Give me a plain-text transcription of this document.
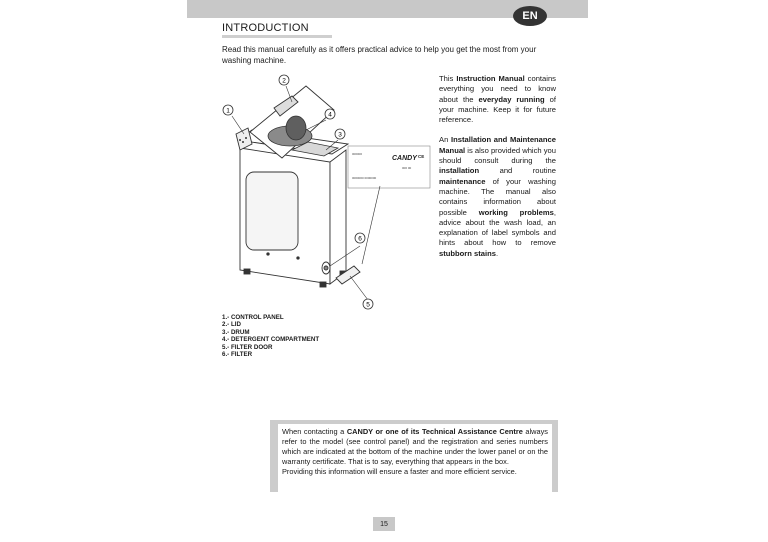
EN
INTRODUCTION
Read this manual carefully as it offers practical advice to help you get the most from your washing machine.
CANDY CE
000000
000 00
0000000 0000000
1
2
3
4
5
6
1.- CONTROL PANEL
2.- LID
3.- DRUM
4.- DETERGENT COMPARTMENT
5.- FILTER DOOR
6.- FILTER

This Instruction Manual contains everything you need to know about the everyday running of your machine. Keep it for future reference.

An Installation and Maintenance Manual is also provided which you should consult during the installation and routine maintenance of your washing machine. The manual also contains information about possible working problems, advice about the wash load, an explanation of label symbols and hints about how to remove stubborn stains.

When contacting a CANDY or one of its Technical Assistance Centre always refer to the model (see control panel) and the registration and series numbers which are indicated at the bottom of the machine under the lower panel or on the warranty certificate. That is to say, everything that appears in the box.

Providing this information will ensure a faster and more efficient service.

15
